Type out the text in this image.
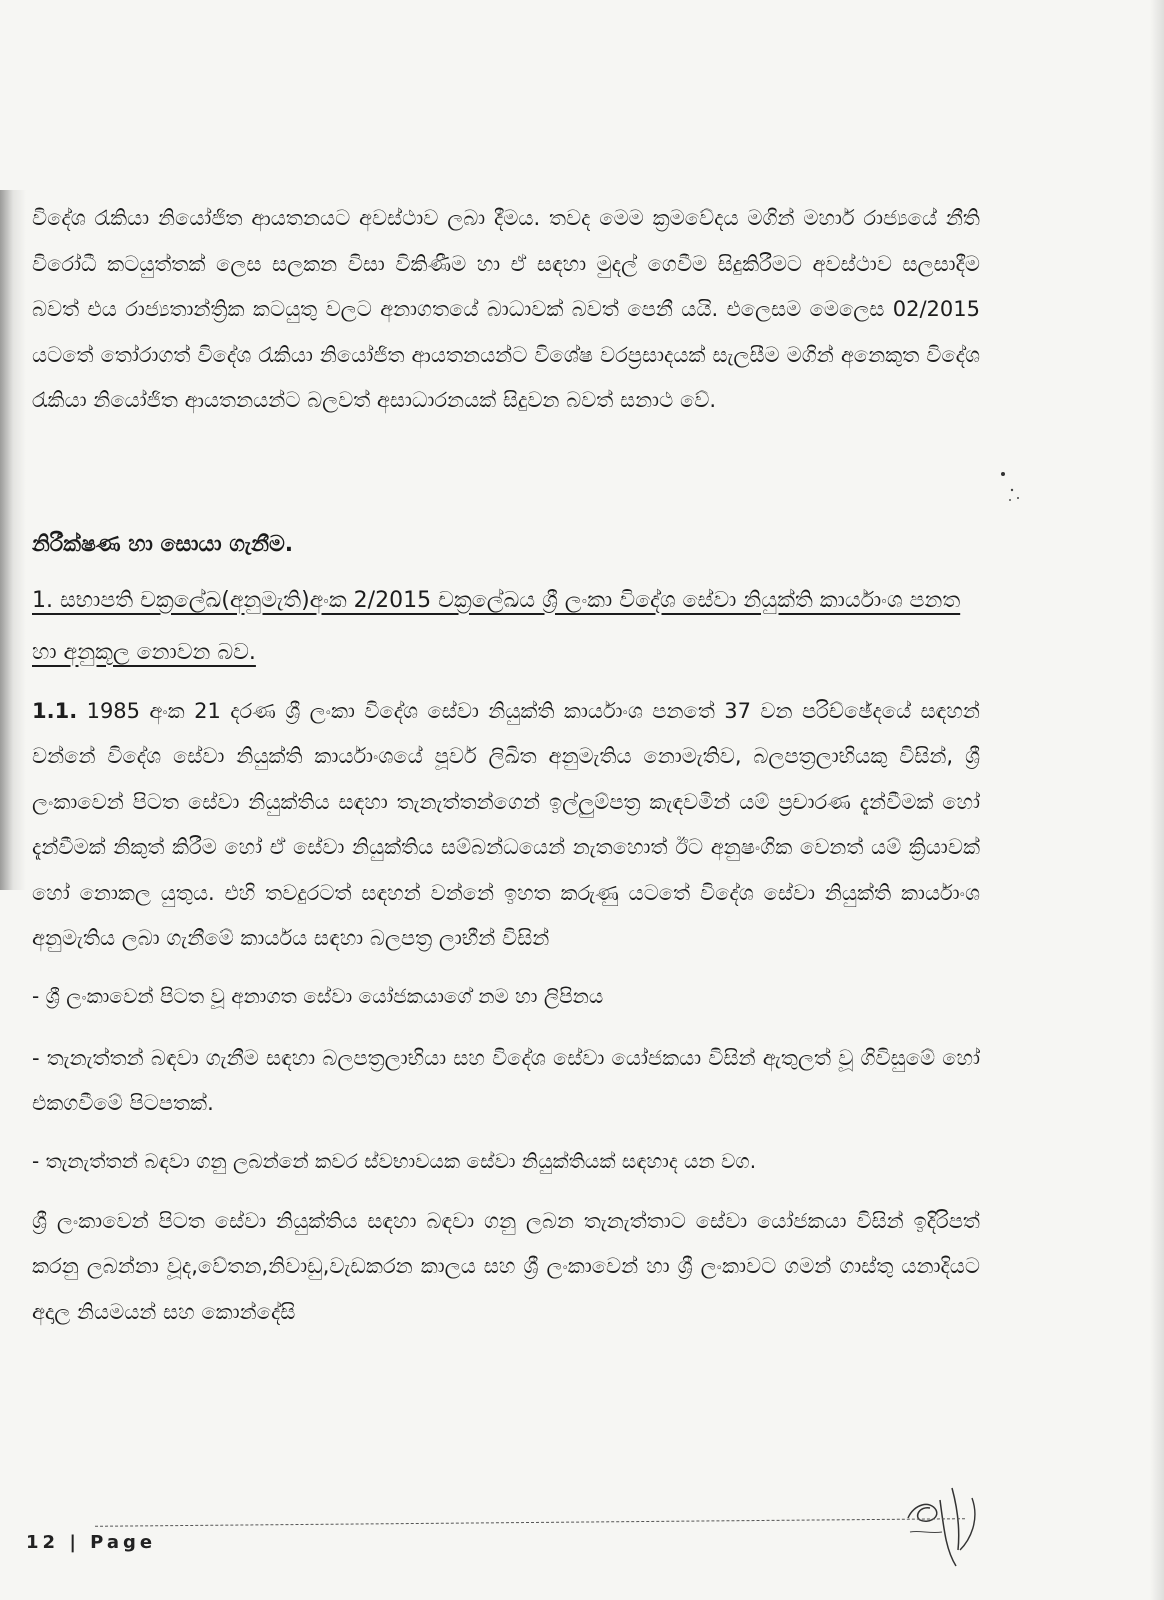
විදේශ රැකියා නියෝජිත ආයතනයට අවස්ථාව ලබා දීමය. තවද මෙම ක්‍රමවේදය මගින් මහාර් රාජ්‍යයේ නීති විරෝධී කටයුත්තක් ලෙස සලකන විසා විකිණීම හා ඒ සඳහා මුදල් ගෙවීම සිදුකිරීමට අවස්ථාව සලසාදීම බවත් එය රාජ්‍යතාන්ත්‍රික කටයුතු වලට අනාගතයේ බාධාවක් බවත් පෙනී යයි. එලෙසම මෙලෙස 02/2015 යටතේ තෝරාගත් විදේශ රැකියා නියෝජිත ආයතනයන්ට විශේෂ වරප්‍රසාදයක් සැලසීම මගින් අනෙකුත විදේශ රැකියා නියෝජිත ආයතනයන්ට බලවත් අසාධාරනයක් සිදුවන බවත් සනාථ වේ.

නිරීක්ෂණ හා සොයා ගැනීම.

1. සභාපති චක්‍රලේඛ(අනුමැති)අංක 2/2015 චක්‍රලේඛය ශ්‍රී ලංකා විදේශ සේවා නියුක්ති කාර්යාංශ පනත හා අනුකූල නොවන බව.

1.1. 1985 අංක 21 දරණ ශ්‍රී ලංකා විදේශ සේවා නියුක්ති කාර්යාංශ පනතේ 37 වන පරිච්ඡේදයේ සඳහන් වන්නේ විදේශ සේවා නියුක්ති කාර්යාංශයේ පූර්ව ලිඛිත අනුමැතිය නොමැතිව, බලපත්‍රලාභියකු විසින්, ශ්‍රී ලංකාවෙන් පිටත සේවා නියුක්තිය සඳහා තැනැත්තන්ගෙන් ඉල්ලුම්පත්‍ර කැඳවමින් යම් ප්‍රචාරණ දැන්වීමක් හෝ දැන්වීමක් නිකුත් කිරීම හෝ ඒ සේවා නියුක්තිය සම්බන්ධයෙන් නැතහොත් ඊට අනුෂංගික වෙනත් යම් ක්‍රියාවක් හෝ නොකල යුතුය. එහි තවදුරටත් සඳහන් වන්නේ ඉහත කරුණු යටතේ විදේශ සේවා නියුක්ති කාර්යාංශ අනුමැතිය ලබා ගැනීමේ කාර්යය සඳහා බලපත්‍ර ලාභීන් විසින්

- ශ්‍රී ලංකාවෙන් පිටත වූ අනාගත සේවා යෝජකයාගේ නම හා ලිපිනය

- තැනැත්තන් බඳවා ගැනීම සඳහා බලපත්‍රලාභියා සහ විදේශ සේවා යෝජකයා විසින් ඇතුලත් වූ ගිවිසුමේ හෝ එකගවීමේ පිටපතක්.

- තැනැත්තන් බඳවා ගනු ලබන්නේ කවර ස්වභාවයක සේවා නියුක්තියක් සඳහාද යන වග.

ශ්‍රී ලංකාවෙන් පිටත සේවා නියුක්තිය සඳහා බඳවා ගනු ලබන තැනැත්තාට සේවා යෝජකයා විසින් ඉදිරිපත් කරනු ලබන්නා වූද,වේතන,නිවාඩු,වැඩකරන කාලය සහ ශ්‍රී ලංකාවෙන් හා ශ්‍රී ලංකාවට ගමන් ගාස්තු යනාදියට අදාල නියමයන් සහ කොන්දේසි

12 | Page
